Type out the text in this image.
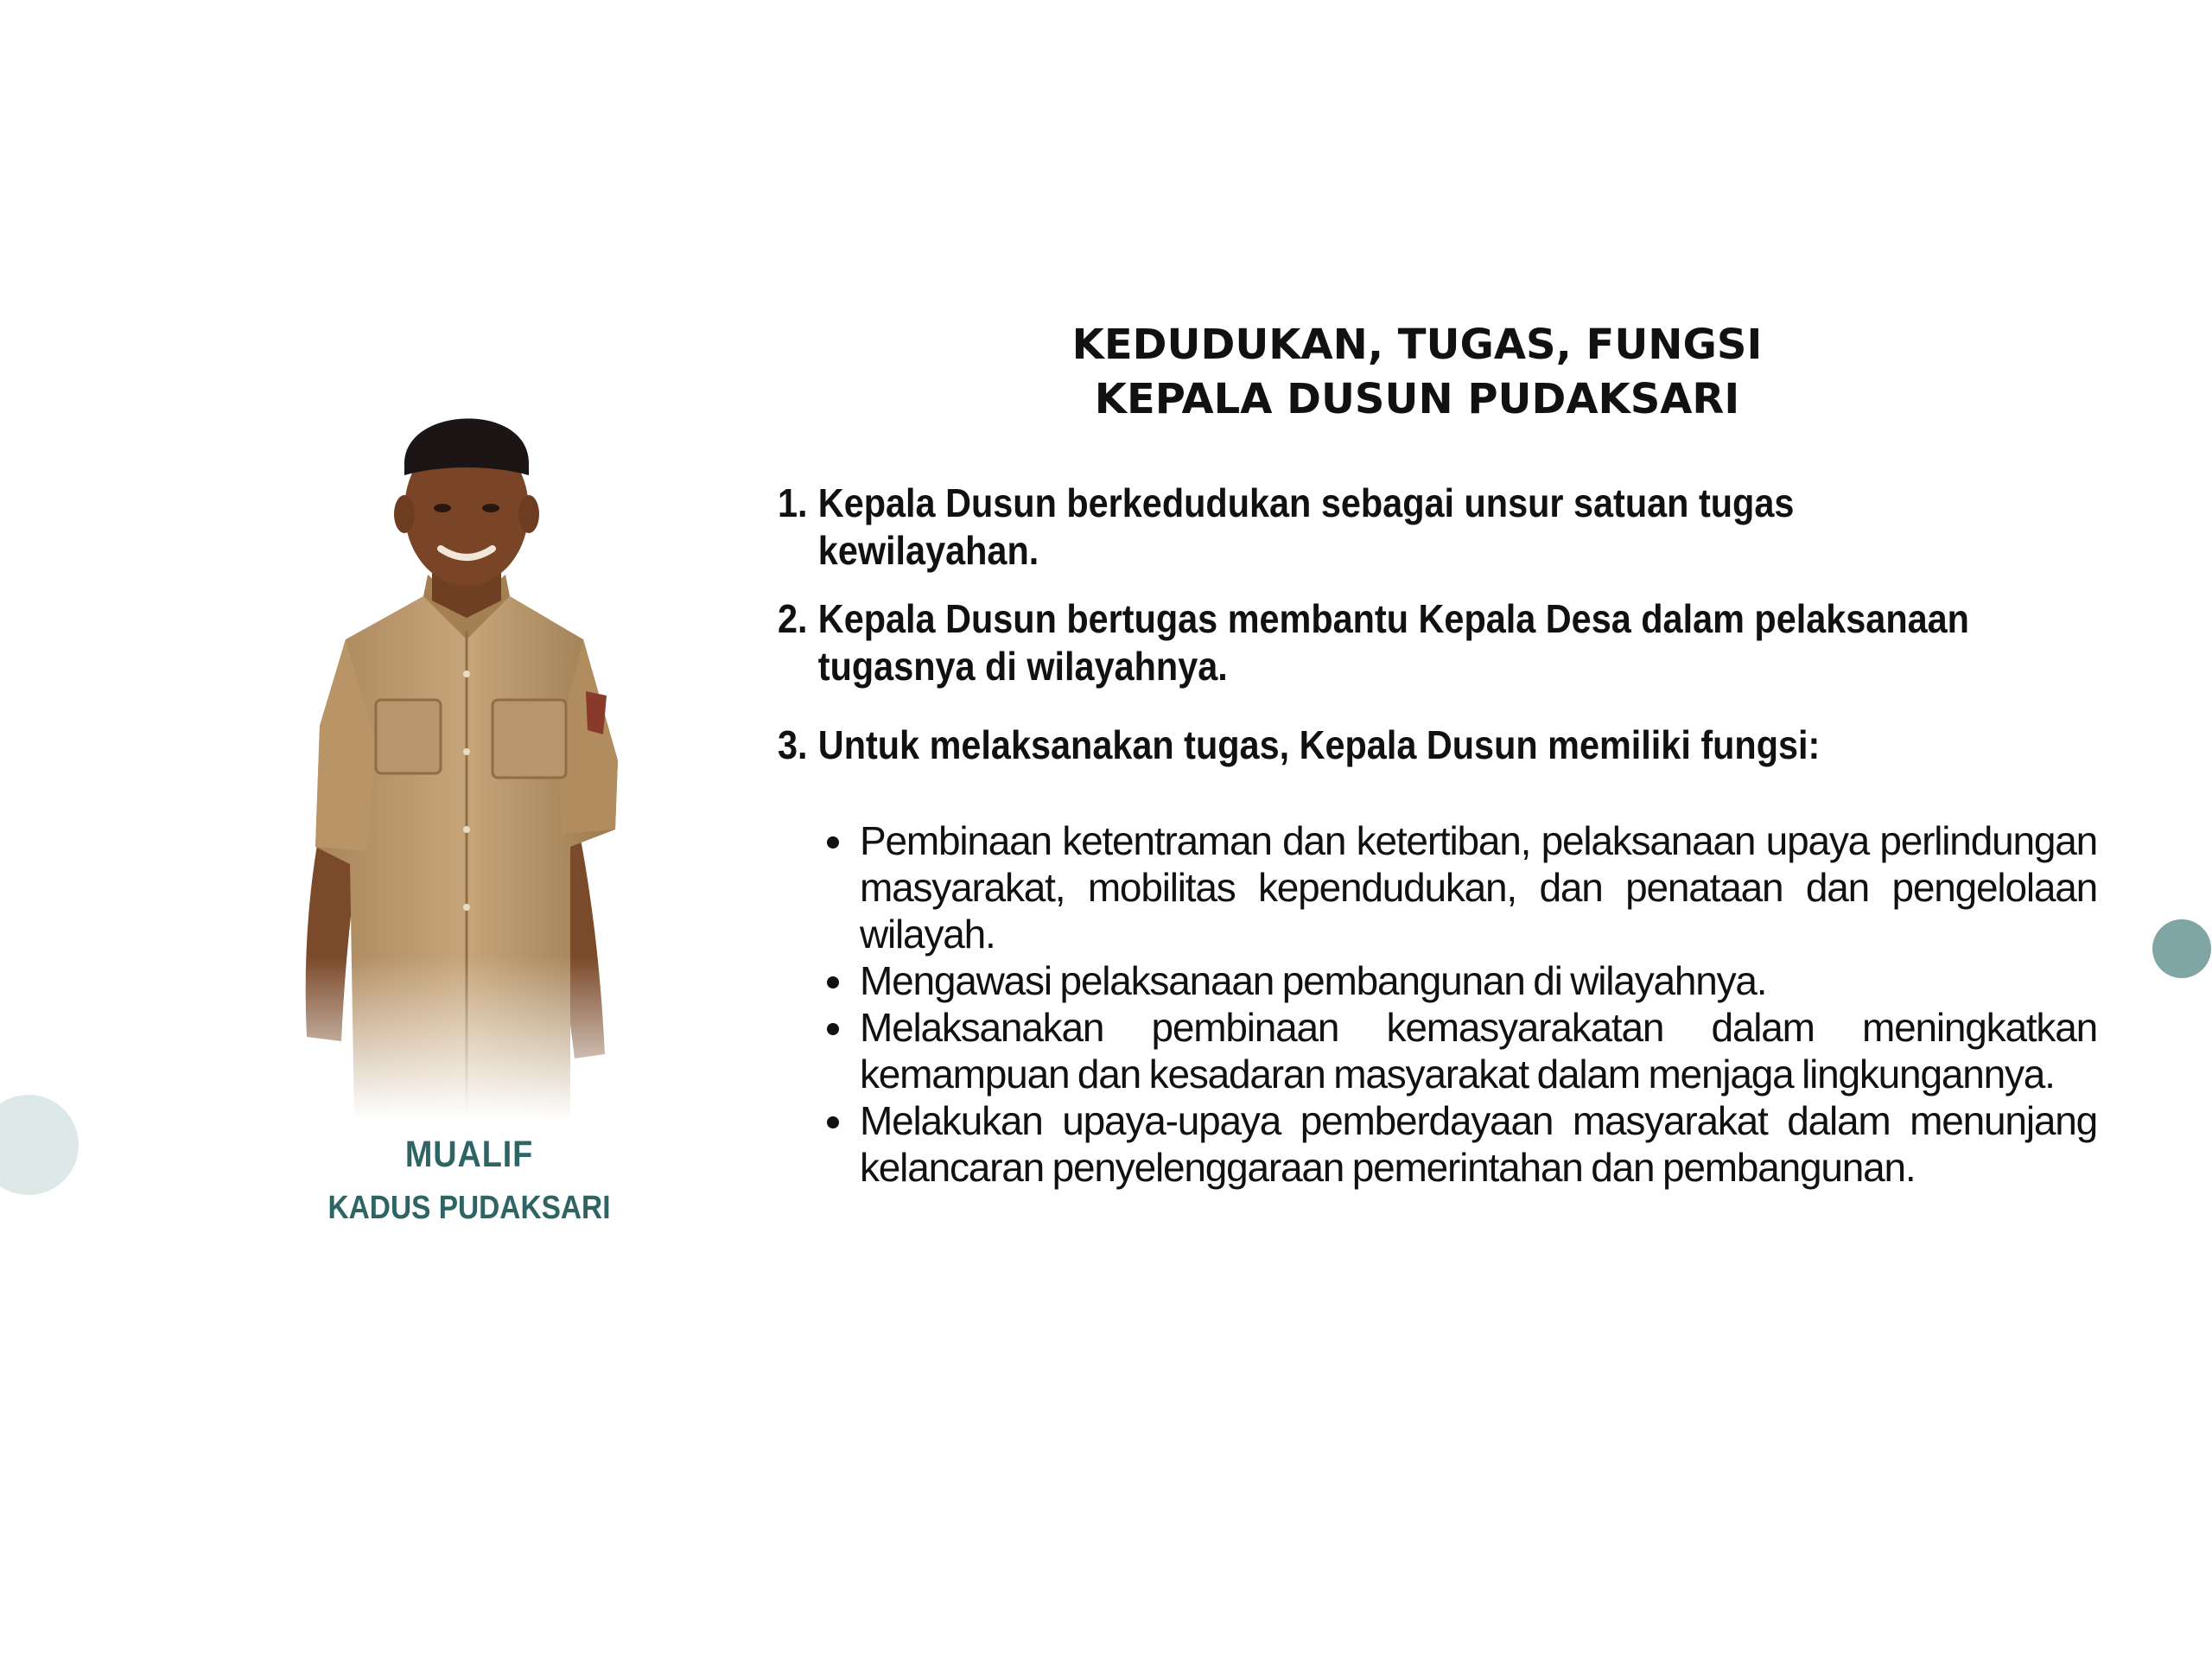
MUALIF
KADUS PUDAKSARI
KEDUDUKAN, TUGAS, FUNGSI
KEPALA DUSUN PUDAKSARI
1. Kepala Dusun berkedudukan sebagai unsur satuan tugas
kewilayahan.
2. Kepala Dusun bertugas membantu Kepala Desa dalam pelaksanaan
tugasnya di wilayahnya.
3. Untuk melaksanakan tugas, Kepala Dusun memiliki fungsi:
Pembinaan ketentraman dan ketertiban, pelaksanaan upaya perlindungan masyarakat, mobilitas kependudukan, dan penataan dan pengelolaan wilayah.
Mengawasi pelaksanaan pembangunan di wilayahnya.
Melaksanakan pembinaan kemasyarakatan dalam meningkatkan kemampuan dan kesadaran masyarakat dalam menjaga lingkungannya.
Melakukan upaya-upaya pemberdayaan masyarakat dalam menunjang kelancaran penyelenggaraan pemerintahan dan pembangunan.
